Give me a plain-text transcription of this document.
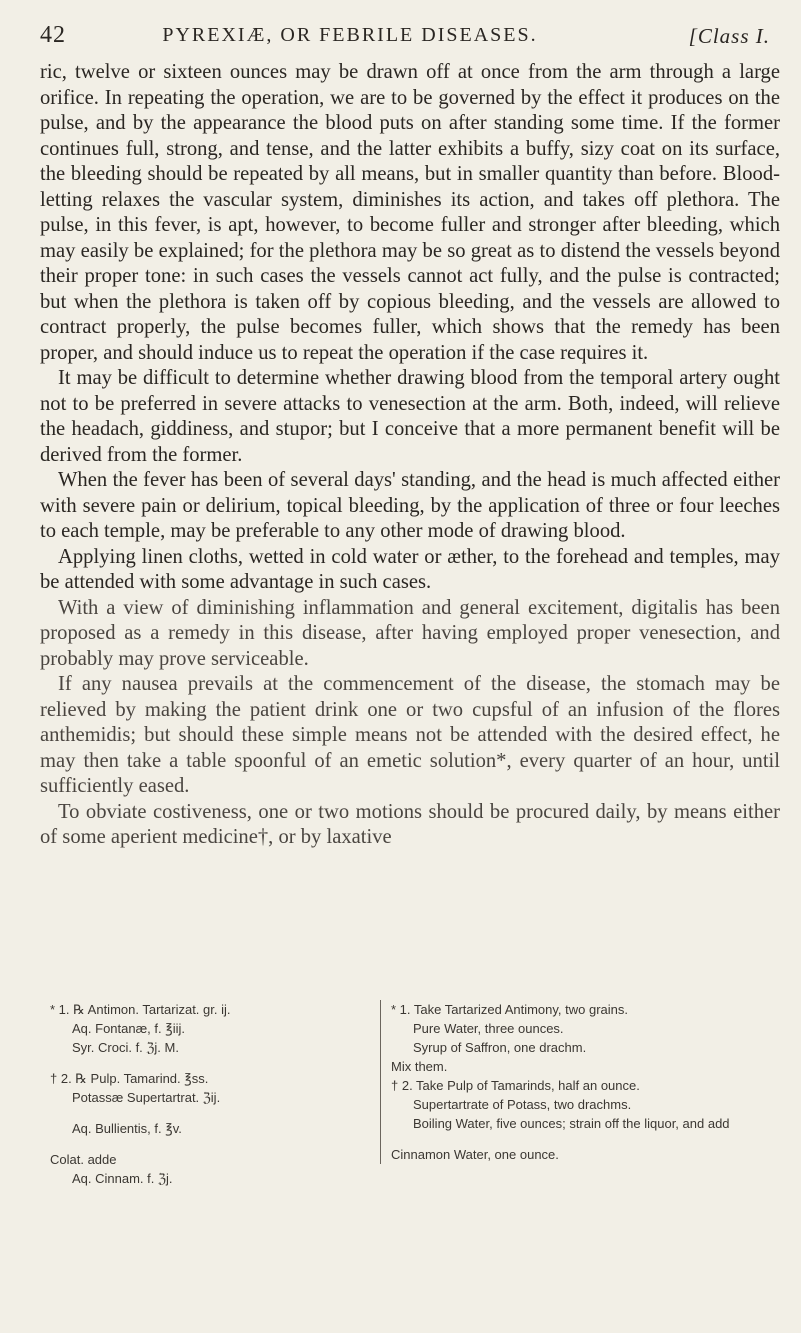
42	PYREXIÆ, OR FEBRILE DISEASES.	[Class I.

ric, twelve or sixteen ounces may be drawn off at once from the arm through a large orifice. In repeating the operation, we are to be governed by the effect it produces on the pulse, and by the appearance the blood puts on after standing some time. If the former continues full, strong, and tense, and the latter exhibits a buffy, sizy coat on its surface, the bleeding should be repeated by all means, but in smaller quantity than before. Blood-letting relaxes the vascular system, diminishes its action, and takes off plethora. The pulse, in this fever, is apt, however, to become fuller and stronger after bleeding, which may easily be explained; for the plethora may be so great as to distend the vessels beyond their proper tone: in such cases the vessels cannot act fully, and the pulse is contracted; but when the plethora is taken off by copious bleeding, and the vessels are allowed to contract properly, the pulse becomes fuller, which shows that the remedy has been proper, and should induce us to repeat the operation if the case requires it.

It may be difficult to determine whether drawing blood from the temporal artery ought not to be preferred in severe attacks to venesection at the arm. Both, indeed, will relieve the headach, giddiness, and stupor; but I conceive that a more permanent benefit will be derived from the former.

When the fever has been of several days' standing, and the head is much affected either with severe pain or delirium, topical bleeding, by the application of three or four leeches to each temple, may be preferable to any other mode of drawing blood.

Applying linen cloths, wetted in cold water or æther, to the forehead and temples, may be attended with some advantage in such cases.

With a view of diminishing inflammation and general excitement, digitalis has been proposed as a remedy in this disease, after having employed proper venesection, and probably may prove serviceable.

If any nausea prevails at the commencement of the disease, the stomach may be relieved by making the patient drink one or two cupsful of an infusion of the flores anthemidis; but should these simple means not be attended with the desired effect, he may then take a table spoonful of an emetic solution*, every quarter of an hour, until sufficiently eased.

To obviate costiveness, one or two motions should be procured daily, by means either of some aperient medicine†, or by laxative

* 1. ℞ Antimon. Tartarizat. gr. ij.
Aq. Fontanæ, f. ℥iij.
Syr. Croci. f. ℨj. M.
† 2. ℞ Pulp. Tamarind. ℥ss.
Potassæ Supertartrat. ℨij.
Aq. Bullientis, f. ℥v.
Colat. adde
Aq. Cinnam. f. ℨj.
* 1. Take Tartarized Antimony, two grains.
Pure Water, three ounces.
Syrup of Saffron, one drachm.
Mix them.
† 2. Take Pulp of Tamarinds, half an ounce.
Supertartrate of Potass, two drachms.
Boiling Water, five ounces; strain off the liquor, and add
Cinnamon Water, one ounce.
